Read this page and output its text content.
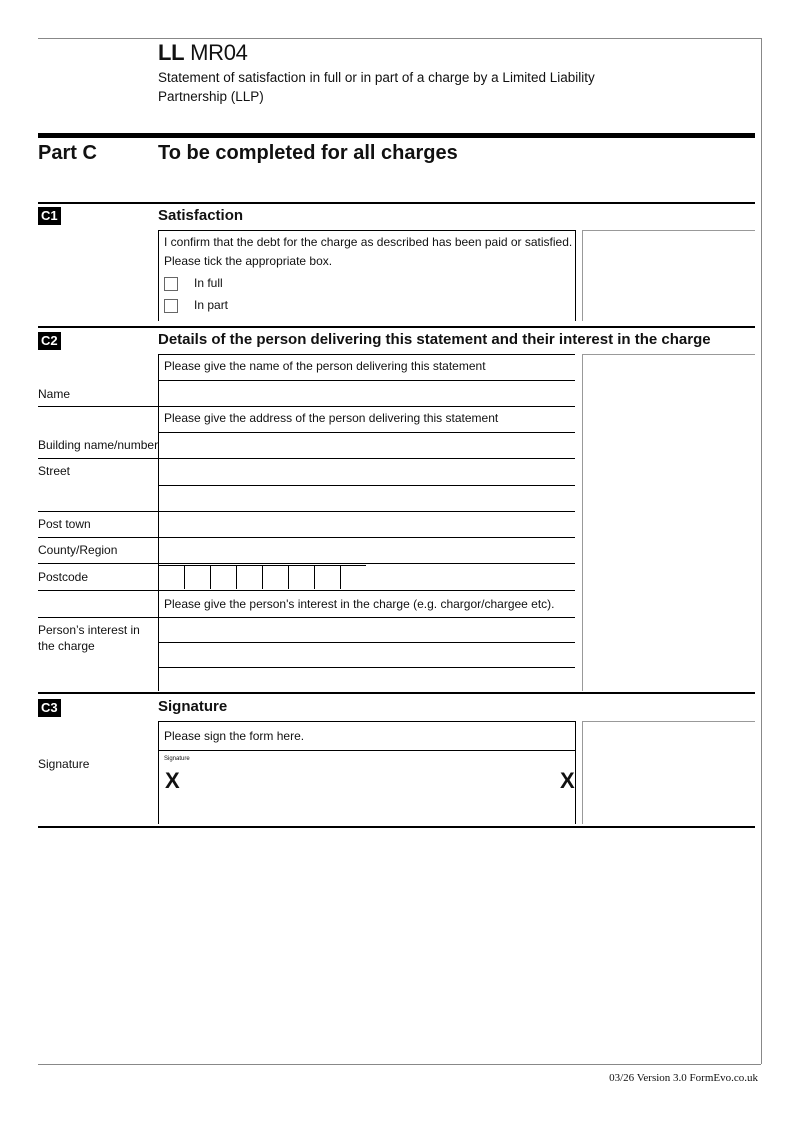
LL MR04
Statement of satisfaction in full or in part of a charge by a Limited Liability Partnership (LLP)
Part C	To be completed for all charges
C1	Satisfaction
I confirm that the debt for the charge as described has been paid or satisfied.
Please tick the appropriate box.
In full
In part
C2	Details of the person delivering this statement and their interest in the charge
Please give the name of the person delivering this statement
Name
Please give the address of the person delivering this statement
Building name/number
Street
Post town
County/Region
Postcode
Please give the person's interest in the charge (e.g. chargor/chargee etc).
Person’s interest in
the charge
C3	Signature
Please sign the form here.
Signature	Signature
X	X
03/26 Version 3.0 FormEvo.co.uk
